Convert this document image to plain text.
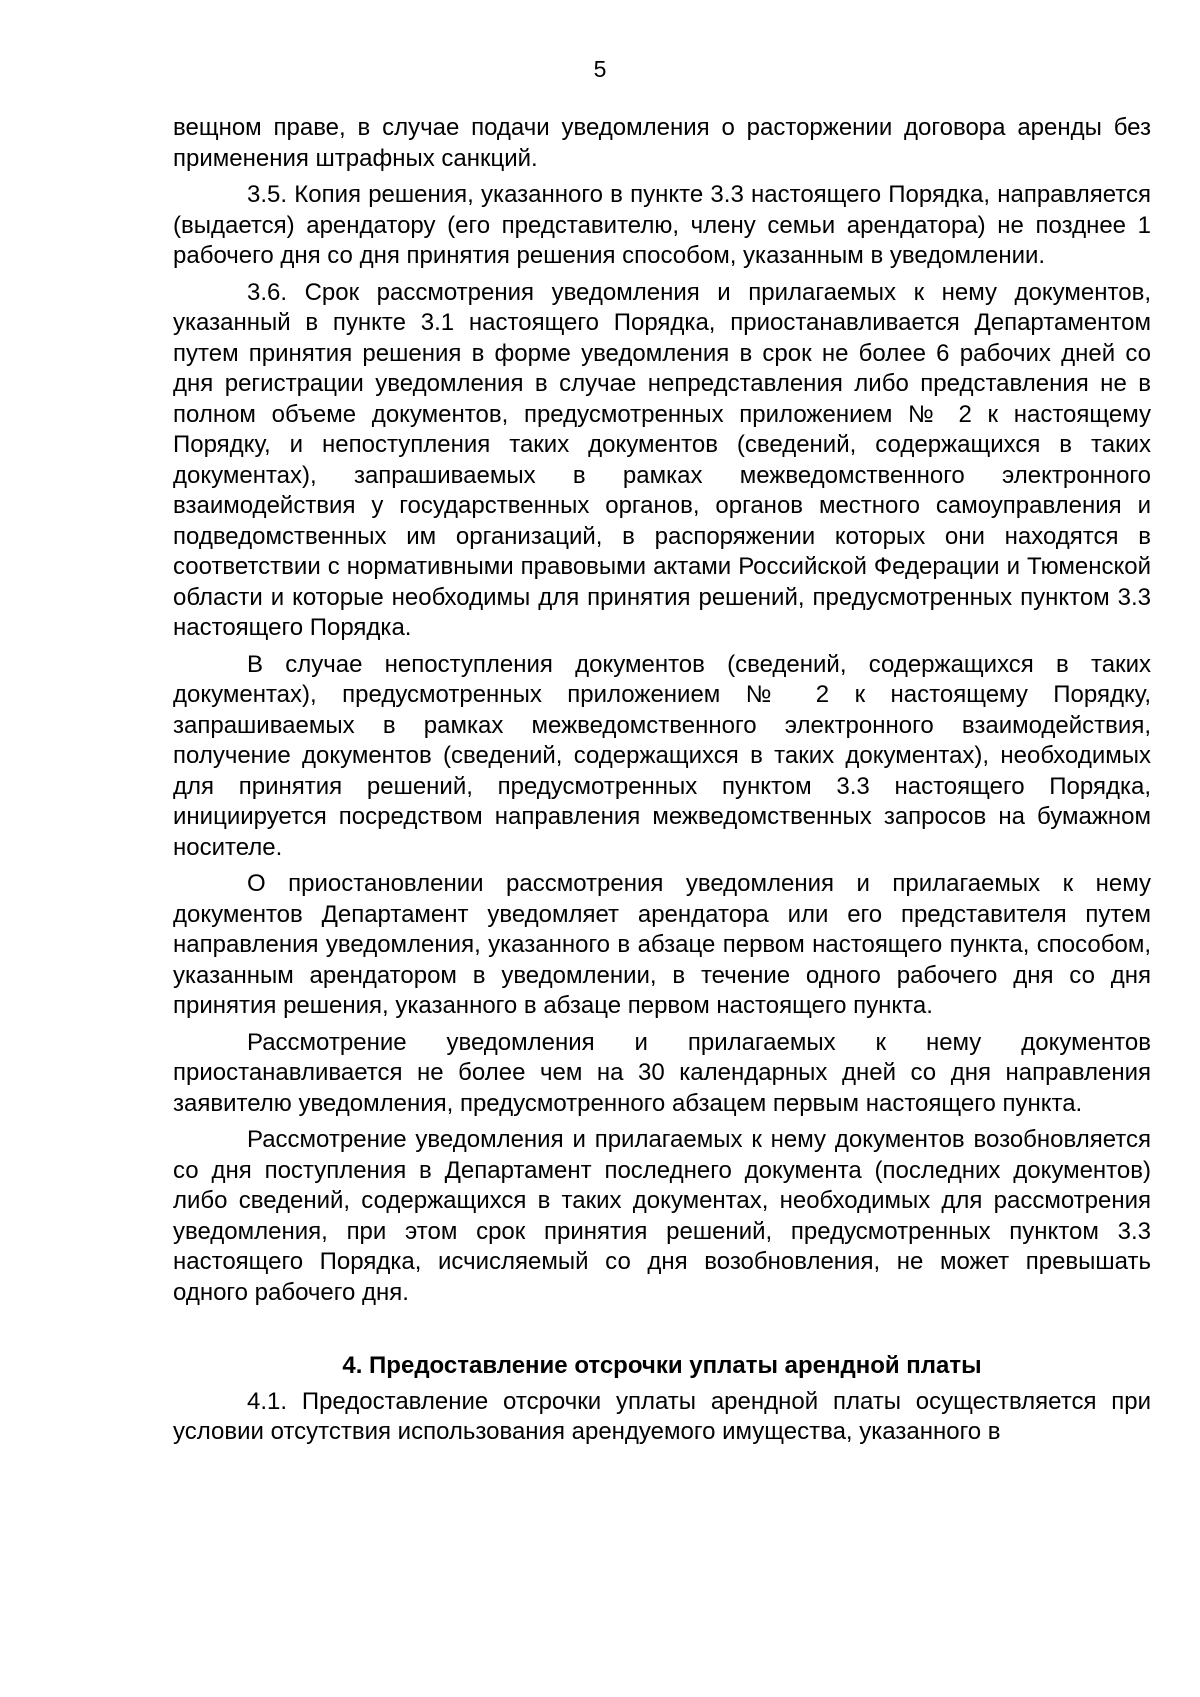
5

вещном праве, в случае подачи уведомления о расторжении договора аренды без применения штрафных санкций.

3.5. Копия решения, указанного в пункте 3.3 настоящего Порядка, направляется (выдается) арендатору (его представителю, члену семьи арендатора) не позднее 1 рабочего дня со дня принятия решения способом, указанным в уведомлении.

3.6. Срок рассмотрения уведомления и прилагаемых к нему документов, указанный в пункте 3.1 настоящего Порядка, приостанавливается Департаментом путем принятия решения в форме уведомления в срок не более 6 рабочих дней со дня регистрации уведомления в случае непредставления либо представления не в полном объеме документов, предусмотренных приложением № 2 к настоящему Порядку, и непоступления таких документов (сведений, содержащихся в таких документах), запрашиваемых в рамках межведомственного электронного взаимодействия у государственных органов, органов местного самоуправления и подведомственных им организаций, в распоряжении которых они находятся в соответствии с нормативными правовыми актами Российской Федерации и Тюменской области и которые необходимы для принятия решений, предусмотренных пунктом 3.3 настоящего Порядка.

В случае непоступления документов (сведений, содержащихся в таких документах), предусмотренных приложением № 2 к настоящему Порядку, запрашиваемых в рамках межведомственного электронного взаимодействия, получение документов (сведений, содержащихся в таких документах), необходимых для принятия решений, предусмотренных пунктом 3.3 настоящего Порядка, инициируется посредством направления межведомственных запросов на бумажном носителе.

О приостановлении рассмотрения уведомления и прилагаемых к нему документов Департамент уведомляет арендатора или его представителя путем направления уведомления, указанного в абзаце первом настоящего пункта, способом, указанным арендатором в уведомлении, в течение одного рабочего дня со дня принятия решения, указанного в абзаце первом настоящего пункта.

Рассмотрение уведомления и прилагаемых к нему документов приостанавливается не более чем на 30 календарных дней со дня направления заявителю уведомления, предусмотренного абзацем первым настоящего пункта.

Рассмотрение уведомления и прилагаемых к нему документов возобновляется со дня поступления в Департамент последнего документа (последних документов) либо сведений, содержащихся в таких документах, необходимых для рассмотрения уведомления, при этом срок принятия решений, предусмотренных пунктом 3.3 настоящего Порядка, исчисляемый со дня возобновления, не может превышать одного рабочего дня.

4. Предоставление отсрочки уплаты арендной платы

4.1. Предоставление отсрочки уплаты арендной платы осуществляется при условии отсутствия использования арендуемого имущества, указанного в
